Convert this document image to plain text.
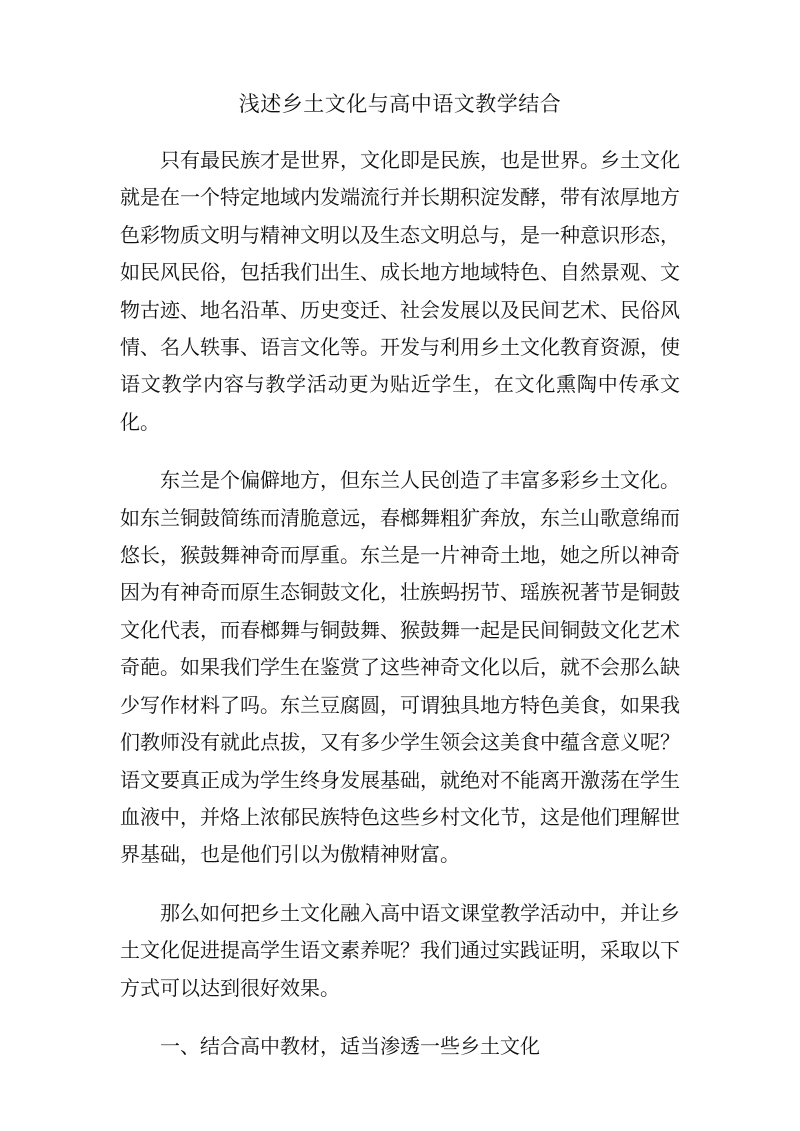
浅述乡土文化与高中语文教学结合

只有最民族才是世界，文化即是民族，也是世界。乡土文化就是在一个特定地域内发端流行并长期积淀发酵，带有浓厚地方色彩物质文明与精神文明以及生态文明总与，是一种意识形态，如民风民俗，包括我们出生、成长地方地域特色、自然景观、文物古迹、地名沿革、历史变迁、社会发展以及民间艺术、民俗风情、名人轶事、语言文化等。开发与利用乡土文化教育资源，使语文教学内容与教学活动更为贴近学生，在文化熏陶中传承文化。

东兰是个偏僻地方，但东兰人民创造了丰富多彩乡土文化。如东兰铜鼓简练而清脆意远，春榔舞粗犷奔放，东兰山歌意绵而悠长，猴鼓舞神奇而厚重。东兰是一片神奇土地，她之所以神奇因为有神奇而原生态铜鼓文化，壮族蚂拐节、瑶族祝著节是铜鼓文化代表，而春榔舞与铜鼓舞、猴鼓舞一起是民间铜鼓文化艺术奇葩。如果我们学生在鉴赏了这些神奇文化以后，就不会那么缺少写作材料了吗。东兰豆腐圆，可谓独具地方特色美食，如果我们教师没有就此点拔，又有多少学生领会这美食中蕴含意义呢？语文要真正成为学生终身发展基础，就绝对不能离开激荡在学生血液中，并烙上浓郁民族特色这些乡村文化节，这是他们理解世界基础，也是他们引以为傲精神财富。

那么如何把乡土文化融入高中语文课堂教学活动中，并让乡土文化促进提高学生语文素养呢？我们通过实践证明，采取以下方式可以达到很好效果。

一、结合高中教材，适当渗透一些乡土文化
